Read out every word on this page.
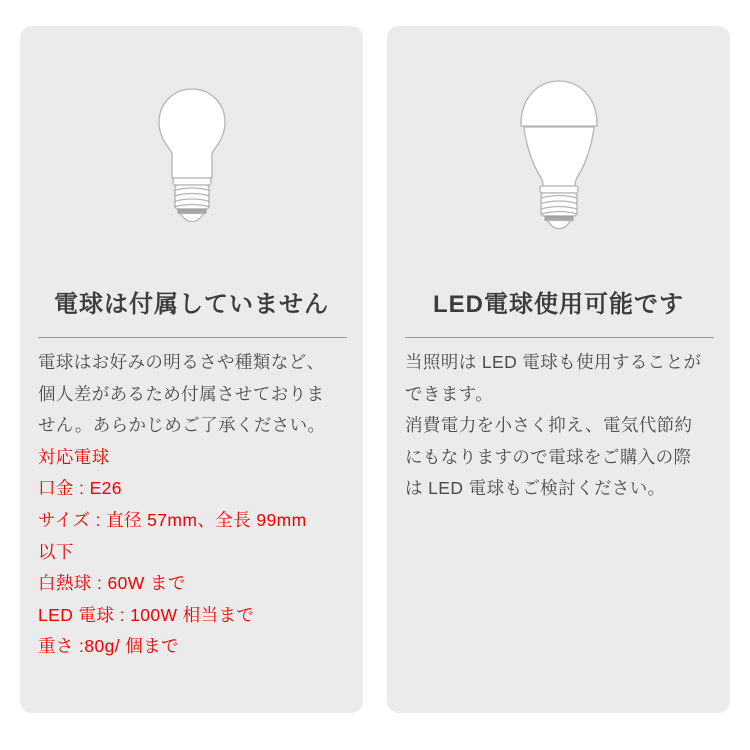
電球は付属していません
電球はお好みの明るさや種類など、
個人差があるため付属させておりま
せん。あらかじめご了承ください。
対応電球
口金 : E26
サイズ : 直径 57mm、全長 99mm
以下
白熱球 : 60W まで
LED 電球 : 100W 相当まで
重さ :80g/ 個まで
LED電球使用可能です
当照明は LED 電球も使用することが
できます。
消費電力を小さく抑え、電気代節約
にもなりますので電球をご購入の際
は LED 電球もご検討ください。
